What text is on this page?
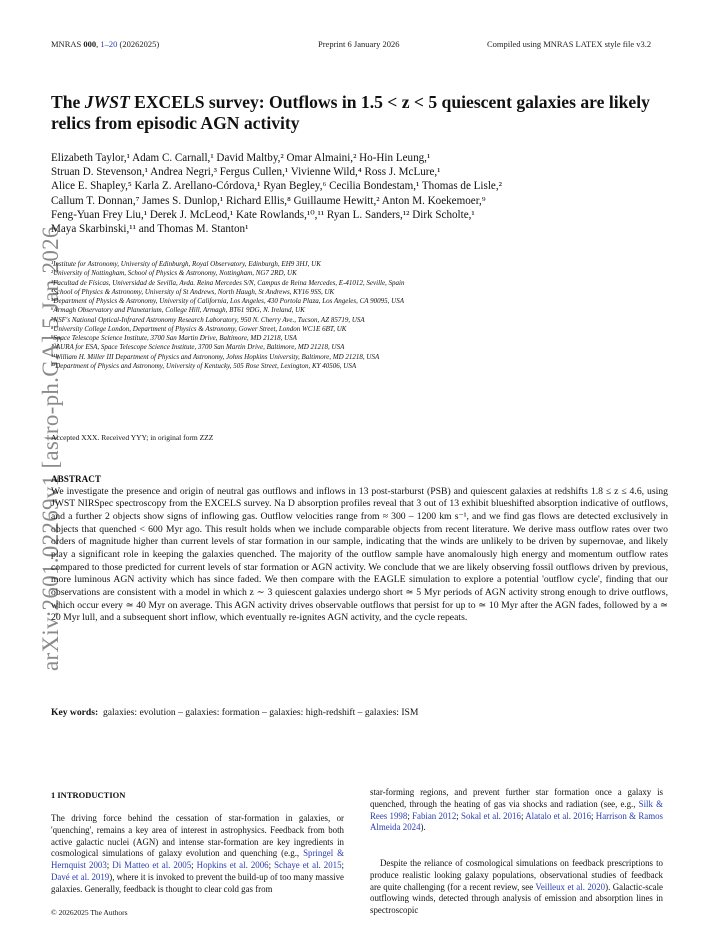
MNRAS 000, 1–20 (20262025)	Preprint 6 January 2026	Compiled using MNRAS LATEX style file v3.2
arXiv:2601.02269v1 [astro-ph.GA] 5 Jan 2026
The JWST EXCELS survey: Outflows in 1.5 < z < 5 quiescent galaxies are likely relics from episodic AGN activity
Elizabeth Taylor,¹ Adam C. Carnall,¹ David Maltby,² Omar Almaini,² Ho-Hin Leung,¹
Struan D. Stevenson,¹ Andrea Negri,³ Fergus Cullen,¹ Vivienne Wild,⁴ Ross J. McLure,¹
Alice E. Shapley,⁵ Karla Z. Arellano-Córdova,¹ Ryan Begley,⁶ Cecilia Bondestam,¹ Thomas de Lisle,²
Callum T. Donnan,⁷ James S. Dunlop,¹ Richard Ellis,⁸ Guillaume Hewitt,² Anton M. Koekemoer,⁹
Feng-Yuan Frey Liu,¹ Derek J. McLeod,¹ Kate Rowlands,¹⁰,¹¹ Ryan L. Sanders,¹² Dirk Scholte,¹
Maya Skarbinski,¹¹ and Thomas M. Stanton¹
¹Institute for Astronomy, University of Edinburgh, Royal Observatory, Edinburgh, EH9 3HJ, UK
²University of Nottingham, School of Physics & Astronomy, Nottingham, NG7 2RD, UK
³Facultad de Físicas, Universidad de Sevilla, Avda. Reina Mercedes S/N, Campus de Reina Mercedes, E-41012, Seville, Spain
⁴School of Physics & Astronomy, University of St Andrews, North Haugh, St Andrews, KY16 9SS, UK
⁵Department of Physics & Astronomy, University of California, Los Angeles, 430 Portola Plaza, Los Angeles, CA 90095, USA
⁶Armagh Observatory and Planetarium, College Hill, Armagh, BT61 9DG, N. Ireland, UK
⁷NSF's National Optical-Infrared Astronomy Research Laboratory, 950 N. Cherry Ave., Tucson, AZ 85719, USA
⁸University College London, Department of Physics & Astronomy, Gower Street, London WC1E 6BT, UK
⁹Space Telescope Science Institute, 3700 San Martin Drive, Baltimore, MD 21218, USA
¹⁰AURA for ESA, Space Telescope Science Institute, 3700 San Martin Drive, Baltimore, MD 21218, USA
¹¹William H. Miller III Department of Physics and Astronomy, Johns Hopkins University, Baltimore, MD 21218, USA
¹²Department of Physics and Astronomy, University of Kentucky, 505 Rose Street, Lexington, KY 40506, USA
Accepted XXX. Received YYY; in original form ZZZ
ABSTRACT
We investigate the presence and origin of neutral gas outflows and inflows in 13 post-starburst (PSB) and quiescent galaxies at redshifts 1.8 ≤ z ≤ 4.6, using JWST NIRSpec spectroscopy from the EXCELS survey. Na D absorption profiles reveal that 3 out of 13 exhibit blueshifted absorption indicative of outflows, and a further 2 objects show signs of inflowing gas. Outflow velocities range from ≈ 300 – 1200 km s⁻¹, and we find gas flows are detected exclusively in objects that quenched < 600 Myr ago. This result holds when we include comparable objects from recent literature. We derive mass outflow rates over two orders of magnitude higher than current levels of star formation in our sample, indicating that the winds are unlikely to be driven by supernovae, and likely play a significant role in keeping the galaxies quenched. The majority of the outflow sample have anomalously high energy and momentum outflow rates compared to those predicted for current levels of star formation or AGN activity. We conclude that we are likely observing fossil outflows driven by previous, more luminous AGN activity which has since faded. We then compare with the EAGLE simulation to explore a potential 'outflow cycle', finding that our observations are consistent with a model in which z ∼ 3 quiescent galaxies undergo short ≃ 5 Myr periods of AGN activity strong enough to drive outflows, which occur every ≃ 40 Myr on average. This AGN activity drives observable outflows that persist for up to ≃ 10 Myr after the AGN fades, followed by a ≃ 20 Myr lull, and a subsequent short inflow, which eventually re-ignites AGN activity, and the cycle repeats.
Key words: galaxies: evolution – galaxies: formation – galaxies: high-redshift – galaxies: ISM
1 INTRODUCTION
The driving force behind the cessation of star-formation in galaxies, or 'quenching', remains a key area of interest in astrophysics. Feedback from both active galactic nuclei (AGN) and intense star-formation are key ingredients in cosmological simulations of galaxy evolution and quenching (e.g., Springel & Hernquist 2003; Di Matteo et al. 2005; Hopkins et al. 2006; Schaye et al. 2015; Davé et al. 2019), where it is invoked to prevent the build-up of too many massive galaxies. Generally, feedback is thought to clear cold gas from
star-forming regions, and prevent further star formation once a galaxy is quenched, through the heating of gas via shocks and radiation (see, e.g., Silk & Rees 1998; Fabian 2012; Sokal et al. 2016; Alatalo et al. 2016; Harrison & Ramos Almeida 2024).
Despite the reliance of cosmological simulations on feedback prescriptions to produce realistic looking galaxy populations, observational studies of feedback are quite challenging (for a recent review, see Veilleux et al. 2020). Galactic-scale outflowing winds, detected through analysis of emission and absorption lines in spectroscopic
© 20262025 The Authors
